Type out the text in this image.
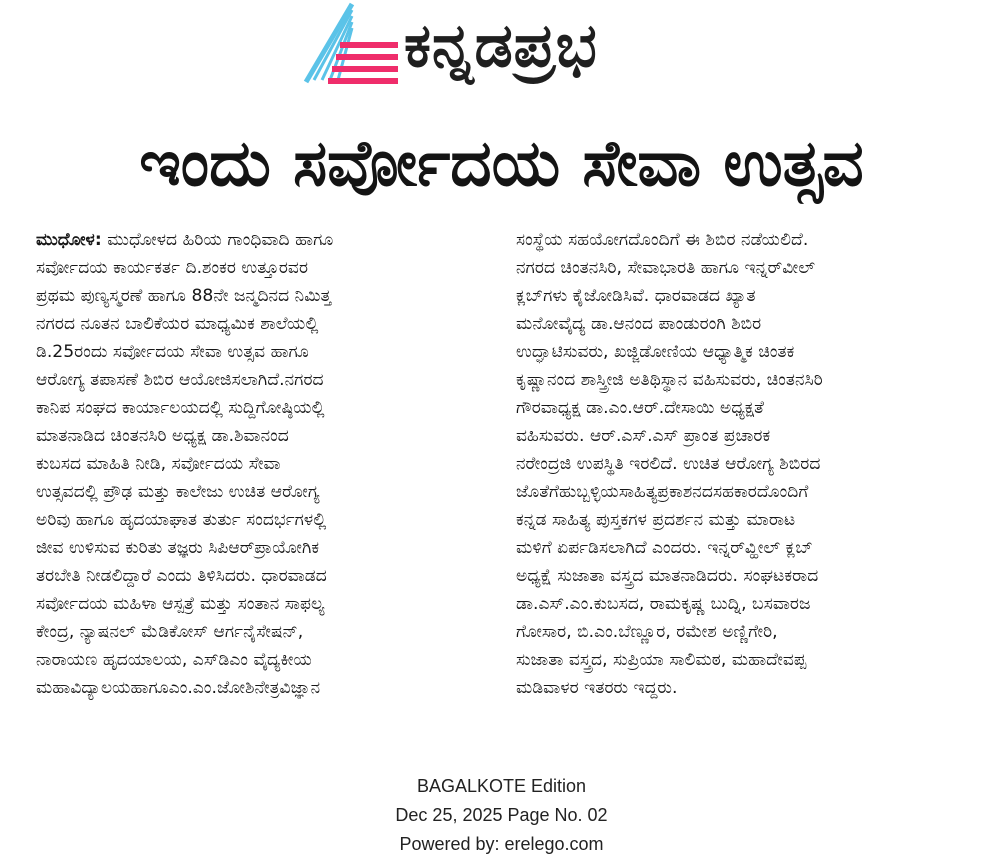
ಕನ್ನಡಪ್ರಭ
ಇಂದು ಸರ್ವೋದಯ ಸೇವಾ ಉತ್ಸವ
ಮುಧೋಳ: ಮುಧೋಳದ ಹಿರಿಯ ಗಾಂಧಿವಾದಿ ಹಾಗೂ
ಸರ್ವೋದಯ ಕಾರ್ಯಕರ್ತ ದಿ.ಶಂಕರ ಉತ್ತೂರವರ
ಪ್ರಥಮ ಪುಣ್ಯಸ್ಮರಣೆ ಹಾಗೂ 88ನೇ ಜನ್ಮದಿನದ ನಿಮಿತ್ತ
ನಗರದ ನೂತನ ಬಾಲಿಕೆಯರ ಮಾಧ್ಯಮಿಕ ಶಾಲೆಯಲ್ಲಿ
ಡಿ.25ರಂದು ಸರ್ವೋದಯ ಸೇವಾ ಉತ್ಸವ ಹಾಗೂ
ಆರೋಗ್ಯ ತಪಾಸಣೆ ಶಿಬಿರ ಆಯೋಜಿಸಲಾಗಿದೆ.ನಗರದ
ಕಾನಿಪ ಸಂಘದ ಕಾರ್ಯಾಲಯದಲ್ಲಿ ಸುದ್ದಿಗೋಷ್ಠಿಯಲ್ಲಿ
ಮಾತನಾಡಿದ ಚಿಂತನಸಿರಿ ಅಧ್ಯಕ್ಷ ಡಾ.ಶಿವಾನಂದ
ಕುಬಸದ ಮಾಹಿತಿ ನೀಡಿ, ಸರ್ವೋದಯ ಸೇವಾ
ಉತ್ಸವದಲ್ಲಿ ಪ್ರೌಢ ಮತ್ತು ಕಾಲೇಜು ಉಚಿತ ಆರೋಗ್ಯ
ಅರಿವು ಹಾಗೂ ಹೃದಯಾಘಾತ ತುರ್ತು ಸಂದರ್ಭಗಳಲ್ಲಿ
ಜೀವ ಉಳಿಸುವ ಕುರಿತು ತಜ್ಞರು ಸಿಪಿಆರ್‌ಪ್ರಾಯೋಗಿಕ
ತರಬೇತಿ ನೀಡಲಿದ್ದಾರೆ ಎಂದು ತಿಳಿಸಿದರು. ಧಾರವಾಡದ
ಸರ್ವೋದಯ ಮಹಿಳಾ ಆಸ್ಪತ್ರೆ ಮತ್ತು ಸಂತಾನ ಸಾಫಲ್ಯ
ಕೇಂದ್ರ, ನ್ಯಾಷನಲ್ ಮೆಡಿಕೋಸ್ ಆರ್ಗನೈಸೇಷನ್,
ನಾರಾಯಣ ಹೃದಯಾಲಯ, ಎಸ್‌ಡಿಎಂ ವೈದ್ಯಕೀಯ
ಮಹಾವಿದ್ಯಾಲಯಹಾಗೂಎಂ.ಎಂ.ಜೋಶಿನೇತ್ರವಿಜ್ಞಾನ
ಸಂಸ್ಥೆಯ ಸಹಯೋಗದೊಂದಿಗೆ ಈ ಶಿಬಿರ ನಡೆಯಲಿದೆ.
ನಗರದ ಚಿಂತನಸಿರಿ, ಸೇವಾಭಾರತಿ ಹಾಗೂ ಇನ್ನರ್‌ವೀಲ್
ಕ್ಲಬ್‌ಗಳು ಕೈಜೋಡಿಸಿವೆ. ಧಾರವಾಡದ ಖ್ಯಾತ
ಮನೋವೈದ್ಯ ಡಾ.ಆನಂದ ಪಾಂಡುರಂಗಿ ಶಿಬಿರ
ಉದ್ಘಾಟಿಸುವರು, ಖಜ್ಜಿಡೋಣಿಯ ಆಧ್ಯಾತ್ಮಿಕ ಚಿಂತಕ
ಕೃಷ್ಣಾನಂದ ಶಾಸ್ತ್ರೀಜಿ ಅತಿಥಿಸ್ಥಾನ ವಹಿಸುವರು, ಚಿಂತನಸಿರಿ
ಗೌರವಾಧ್ಯಕ್ಷ ಡಾ.ಎಂ.ಆರ್.ದೇಸಾಯಿ ಅಧ್ಯಕ್ಷತೆ
ವಹಿಸುವರು. ಆರ್.ಎಸ್.ಎಸ್ ಪ್ರಾಂತ ಪ್ರಚಾರಕ
ನರೇಂದ್ರಜಿ ಉಪಸ್ಥಿತಿ ಇರಲಿದೆ. ಉಚಿತ ಆರೋಗ್ಯ ಶಿಬಿರದ
ಜೊತೆಗೆಹುಬ್ಬಳ್ಳಿಯಸಾಹಿತ್ಯಪ್ರಕಾಶನದಸಹಕಾರದೊಂದಿಗೆ
ಕನ್ನಡ ಸಾಹಿತ್ಯ ಪುಸ್ತಕಗಳ ಪ್ರದರ್ಶನ ಮತ್ತು ಮಾರಾಟ
ಮಳಿಗೆ ಏರ್ಪಡಿಸಲಾಗಿದೆ ಎಂದರು. ಇನ್ನರ್‌ವ್ಹೀಲ್ ಕ್ಲಬ್
ಅಧ್ಯಕ್ಷೆ ಸುಜಾತಾ ವಸ್ತ್ರದ ಮಾತನಾಡಿದರು. ಸಂಘಟಕರಾದ
ಡಾ.ಎಸ್.ಎಂ.ಕುಬಸದ, ರಾಮಕೃಷ್ಣ ಬುದ್ನಿ, ಬಸವಾರಜ
ಗೋಸಾರ, ಬಿ.ಎಂ.ಬೆಣ್ಣೂರ, ರಮೇಶ ಅಣ್ಣಿಗೇರಿ,
ಸುಜಾತಾ ವಸ್ತ್ರದ, ಸುಪ್ರಿಯಾ ಸಾಲಿಮಠ, ಮಹಾದೇವಪ್ಪ
ಮಡಿವಾಳರ ಇತರರು ಇದ್ದರು.
BAGALKOTE Edition
Dec 25, 2025 Page No. 02
Powered by: erelego.com
